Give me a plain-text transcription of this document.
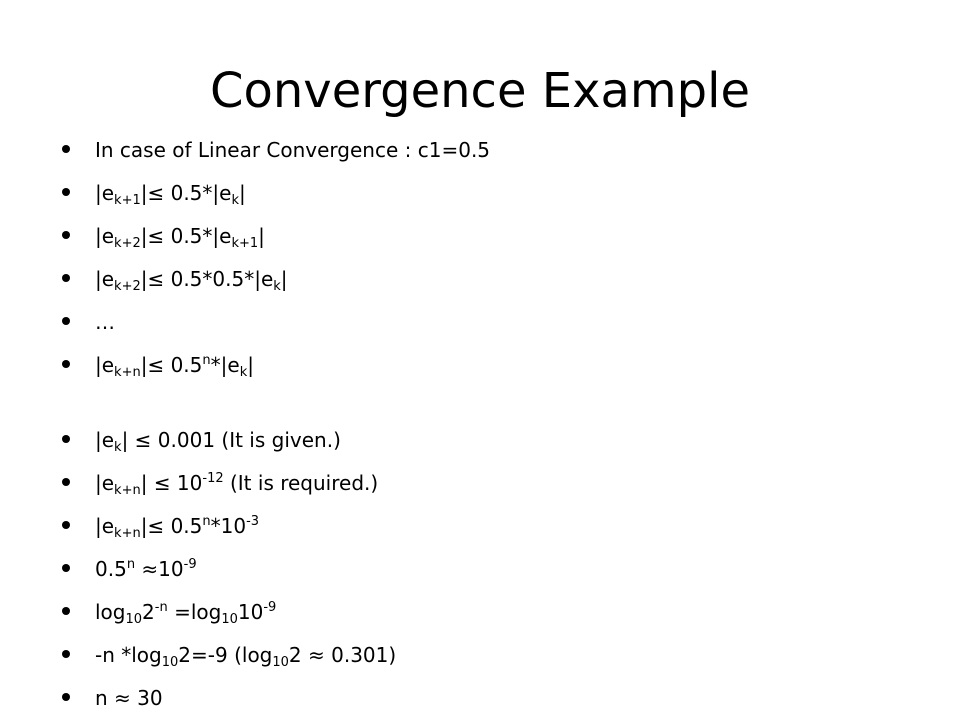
Convergence Example
In case of Linear Convergence : c1=0.5
$|e_{k+1}|\le 0.5*|e_k|$
$|e_{k+2}|\le 0.5*|e_{k+1}|$
$|e_{k+2}|\le 0.5*0.5*|e_k|$
…
$|e_{k+n}|\le 0.5^n*|e_k|$
$|e_k| \le 0.001$ (It is given.)
$|e_{k+n}| \le 10^{-12}$ (It is required.)
$|e_{k+n}|\le 0.5^n*10^{-3}$
$0.5^n \approx 10^{-9}$
$\log_{10}2^{-n} =\log_{10}10^{-9}$
-n $*\log_{10}2=-9$ $(\log_{10}2 \approx 0.301)$
n ≈ 30
